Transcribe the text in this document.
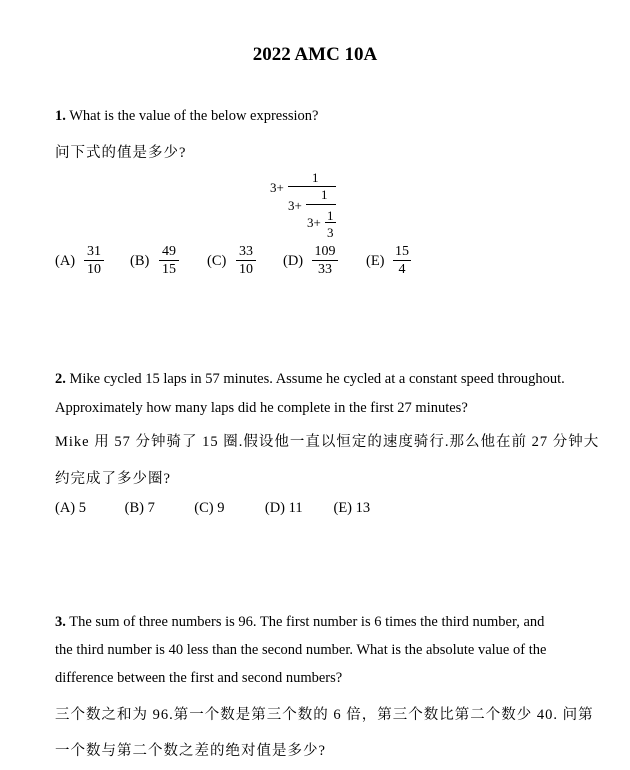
2022 AMC 10A
1. What is the value of the below expression?
问下式的值是多少?
3+
1
3+
1
3+ 1
3
$(A) \frac{31}{10} (B) \frac{49}{15} (C) \frac{33}{10} (D) \frac{109}{33} (E) \frac{15}{4}$
2. Mike cycled 15 laps in 57 minutes. Assume he cycled at a constant speed throughout.
Approximately how many laps did he complete in the first 27 minutes?
Mike 用 57 分钟骑了 15 圈.假设他一直以恒定的速度骑行.那么他在前 27 分钟大
约完成了多少圈?
(A) 5	(B) 7	(C) 9	(D) 11 (E) 13
3. The sum of three numbers is 96. The first number is 6 times the third number, and
the third number is 40 less than the second number. What is the absolute value of the
difference between the first and second numbers?
三个数之和为 96.第一个数是第三个数的 6 倍，第三个数比第二个数少 40. 问第
一个数与第二个数之差的绝对值是多少?
